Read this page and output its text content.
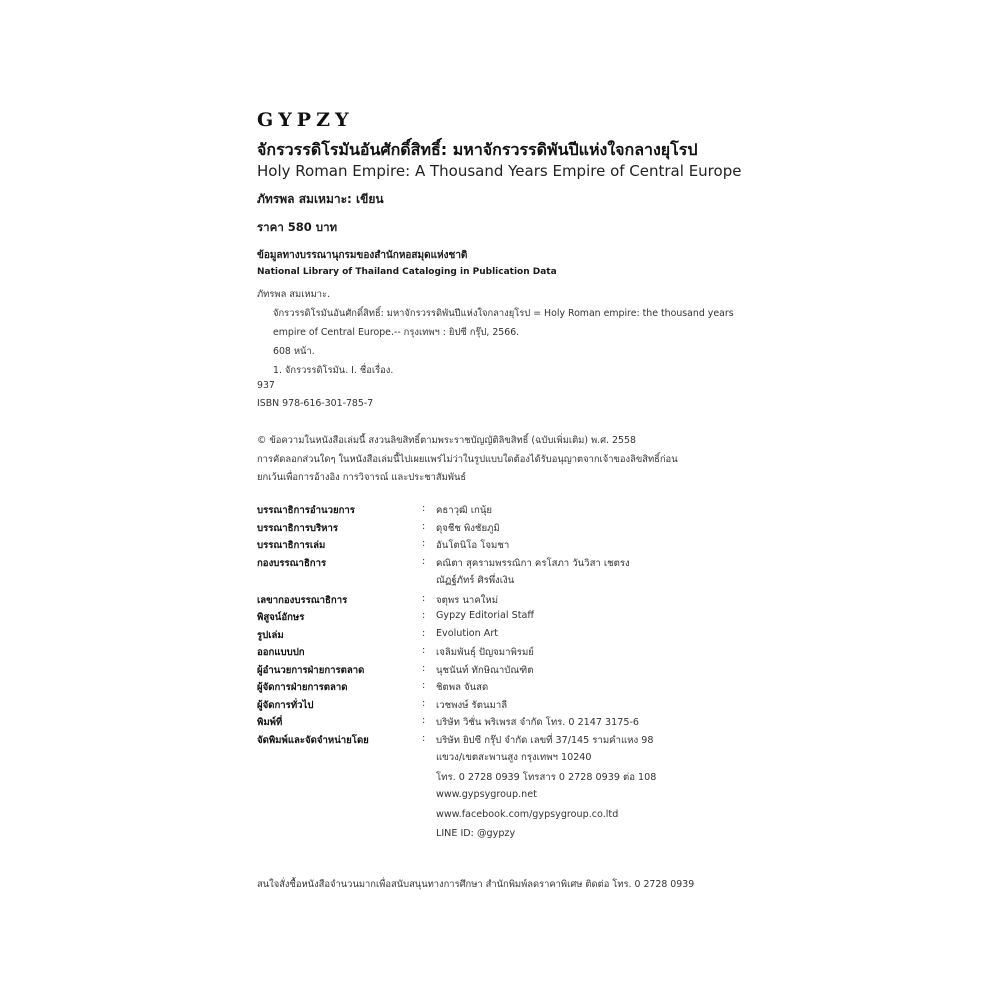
GYPZY
จักรวรรดิโรมันอันศักดิ์สิทธิ์: มหาจักรวรรดิพันปีแห่งใจกลางยุโรป
Holy Roman Empire: A Thousand Years Empire of Central Europe
ภัทรพล สมเหมาะ: เขียน
ราคา 580 บาท
ข้อมูลทางบรรณานุกรมของสำนักหอสมุดแห่งชาติ
National Library of Thailand Cataloging in Publication Data
ภัทรพล สมเหมาะ.
จักรวรรดิโรมันอันศักดิ์สิทธิ์: มหาจักรวรรดิพันปีแห่งใจกลางยุโรป = Holy Roman empire: the thousand years
empire of Central Europe.-- กรุงเทพฯ : ยิปซี กรุ๊ป, 2566.
608 หน้า.
1. จักรวรรดิโรมัน. I. ชื่อเรื่อง.
937
ISBN 978-616-301-785-7
© ข้อความในหนังสือเล่มนี้ สงวนลิขสิทธิ์ตามพระราชบัญญัติลิขสิทธิ์ (ฉบับเพิ่มเติม) พ.ศ. 2558
การคัดลอกส่วนใดๆ ในหนังสือเล่มนี้ไปเผยแพร่ไม่ว่าในรูปแบบใดต้องได้รับอนุญาตจากเจ้าของลิขสิทธิ์ก่อน
ยกเว้นเพื่อการอ้างอิง การวิจารณ์ และประชาสัมพันธ์
บรรณาธิการอำนวยการ	:	คธาวุฒิ เกนุ้ย
บรรณาธิการบริหาร	:	ดุจชีช พิงชัยภูมิ
บรรณาธิการเล่ม	:	อันโตนิโอ โจมชา
กองบรรณาธิการ	:	คณิตา สุครามพรรณิกา ครโสภา วันวิสา เชตรง
ณัฏฐ์ภัทร์ ศิรพึ่งเงิน
เลขากองบรรณาธิการ	:	จตุพร นาคใหม่
พิสูจน์อักษร	:	Gypzy Editorial Staff
รูปเล่ม	:	Evolution Art
ออกแบบปก	:	เจลิมพันธุ์ ปัญจมาพิรมย์
ผู้อำนวยการฝ่ายการตลาด	:	นุชนันท์ ทักษิณาบัณฑิต
ผู้จัดการฝ่ายการตลาด	:	ชิตพล จันสด
ผู้จัดการทั่วไป	:	เวชพงษ์ รัตนมาลี
พิมพ์ที่	:	บริษัท วิชั่น พริเพรส จำกัด โทร. 0 2147 3175-6
จัดพิมพ์และจัดจำหน่ายโดย	:	บริษัท ยิปซี กรุ๊ป จำกัด เลขที่ 37/145 รามคำแหง 98
แขวง/เขตสะพานสูง กรุงเทพฯ 10240
โทร. 0 2728 0939 โทรสาร 0 2728 0939 ต่อ 108
www.gypsygroup.net
www.facebook.com/gypsygroup.co.ltd
LINE ID: @gypzy
สนใจสั่งซื้อหนังสือจำนวนมากเพื่อสนับสนุนทางการศึกษา สำนักพิมพ์ลดราคาพิเศษ ติดต่อ โทร. 0 2728 0939
